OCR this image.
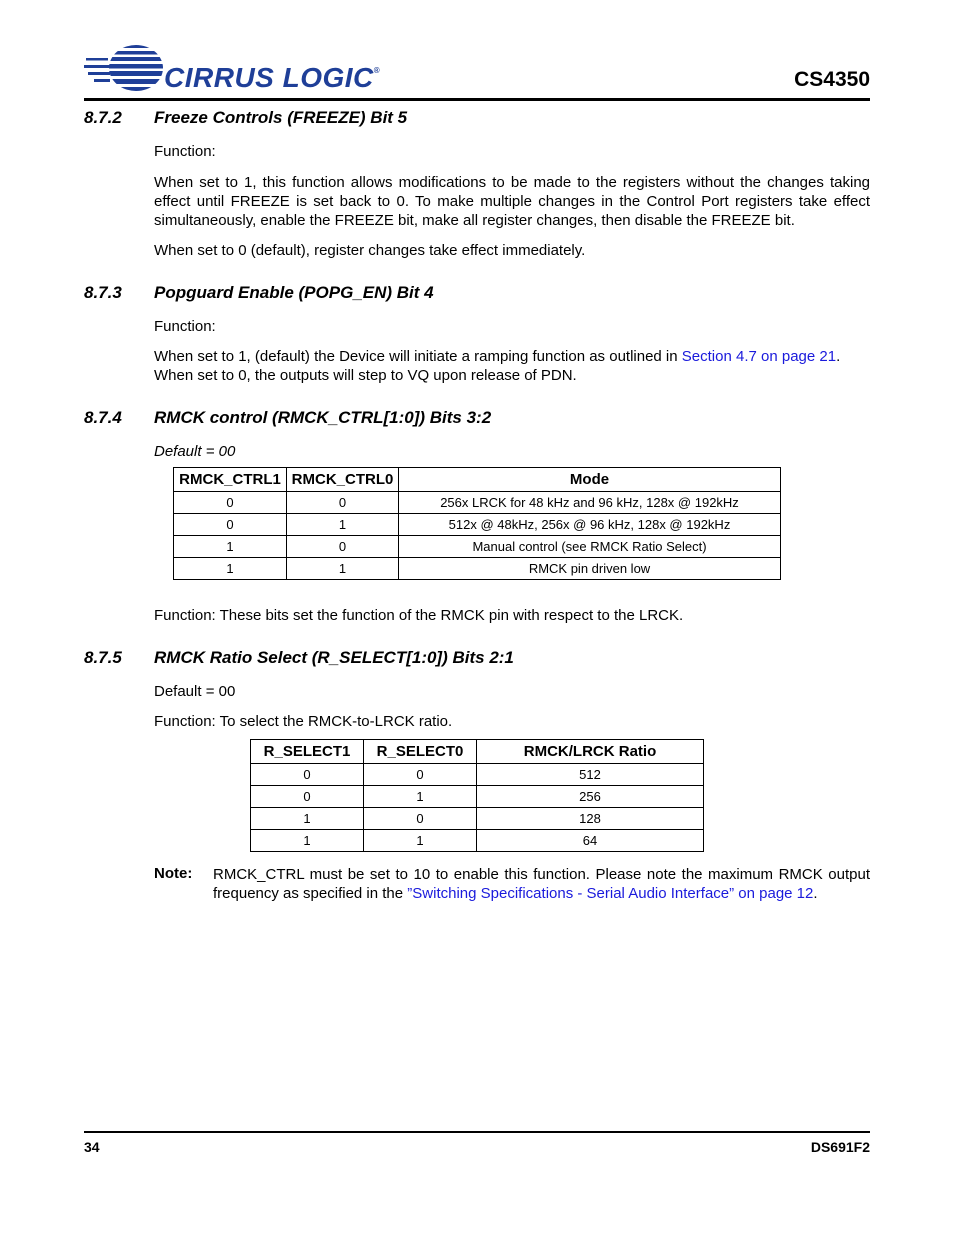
CIRRUS LOGIC®	CS4350
8.7.2 Freeze Controls (FREEZE) Bit 5
Function:
When set to 1, this function allows modifications to be made to the registers without the changes taking effect until FREEZE is set back to 0. To make multiple changes in the Control Port registers take effect simultaneously, enable the FREEZE bit, make all register changes, then disable the FREEZE bit.
When set to 0 (default), register changes take effect immediately.
8.7.3 Popguard Enable (POPG_EN) Bit 4
Function:
When set to 1, (default) the Device will initiate a ramping function as outlined in Section 4.7 on page 21.
When set to 0, the outputs will step to VQ upon release of PDN.
8.7.4 RMCK control (RMCK_CTRL[1:0]) Bits 3:2
Default = 00
RMCK_CTRL1	RMCK_CTRL0	Mode
0	0	256x LRCK for 48 kHz and 96 kHz, 128x @ 192kHz
0	1	512x @ 48kHz, 256x @ 96 kHz, 128x @ 192kHz
1	0	Manual control (see RMCK Ratio Select)
1	1	RMCK pin driven low
Function: These bits set the function of the RMCK pin with respect to the LRCK.
8.7.5 RMCK Ratio Select (R_SELECT[1:0]) Bits 2:1
Default = 00
Function: To select the RMCK-to-LRCK ratio.
R_SELECT1	R_SELECT0	RMCK/LRCK Ratio
0	0	512
0	1	256
1	0	128
1	1	64
Note: RMCK_CTRL must be set to 10 to enable this function. Please note the maximum RMCK output frequency as specified in the ”Switching Specifications - Serial Audio Interface” on page 12.
34	DS691F2
